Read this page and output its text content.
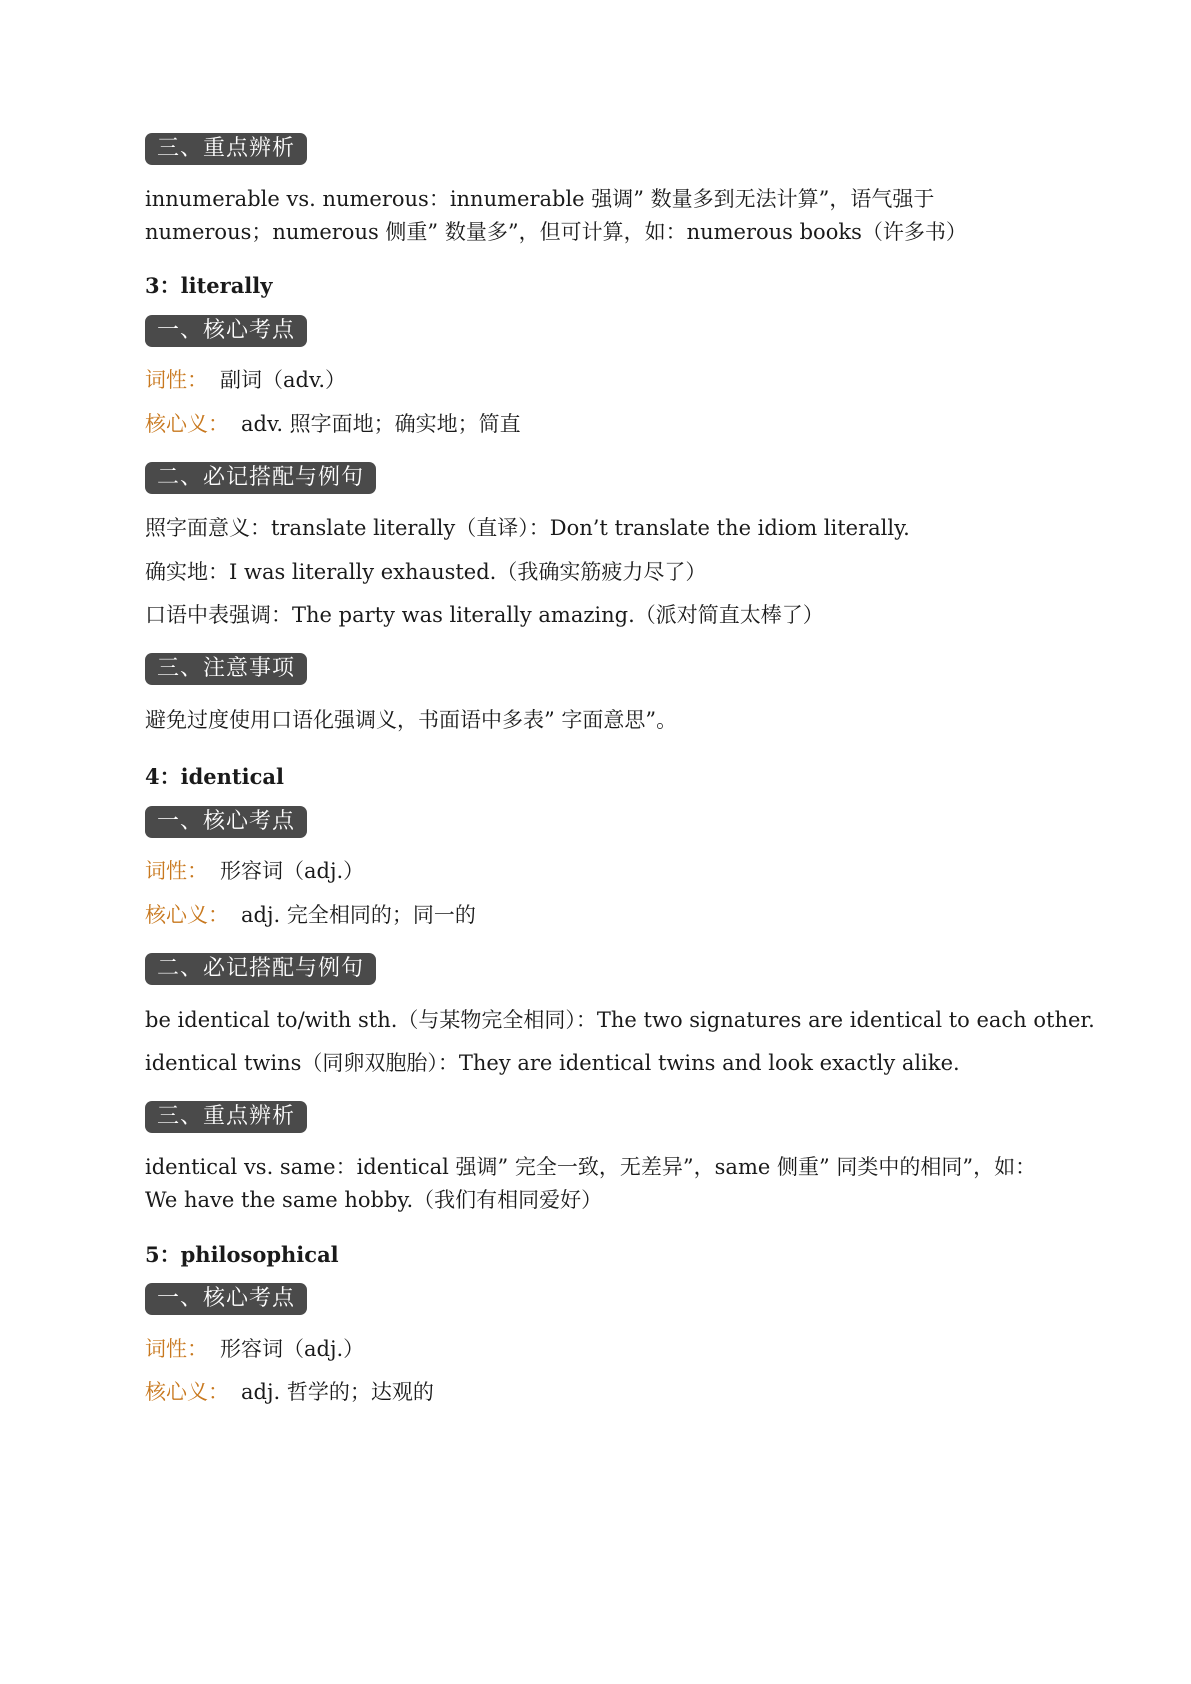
三、重点辨析
innumerable vs. numerous：innumerable 强调” 数量多到无法计算”，语气强于 numerous；numerous 侧重” 数量多”，但可计算，如：numerous books（许多书）
3：literally
一、核心考点
词性： 副词（adv.）
核心义： adv. 照字面地；确实地；简直
二、必记搭配与例句
照字面意义：translate literally（直译）：Don’t translate the idiom literally.
确实地：I was literally exhausted.（我确实筋疲力尽了）
口语中表强调：The party was literally amazing.（派对简直太棒了）
三、注意事项
避免过度使用口语化强调义，书面语中多表” 字面意思”。
4：identical
一、核心考点
词性： 形容词（adj.）
核心义： adj. 完全相同的；同一的
二、必记搭配与例句
be identical to/with sth.（与某物完全相同）：The two signatures are identical to each other.
identical twins（同卵双胞胎）：They are identical twins and look exactly alike.
三、重点辨析
identical vs. same：identical 强调” 完全一致，无差异”，same 侧重” 同类中的相同”，如：We have the same hobby.（我们有相同爱好）
5：philosophical
一、核心考点
词性： 形容词（adj.）
核心义： adj. 哲学的；达观的
